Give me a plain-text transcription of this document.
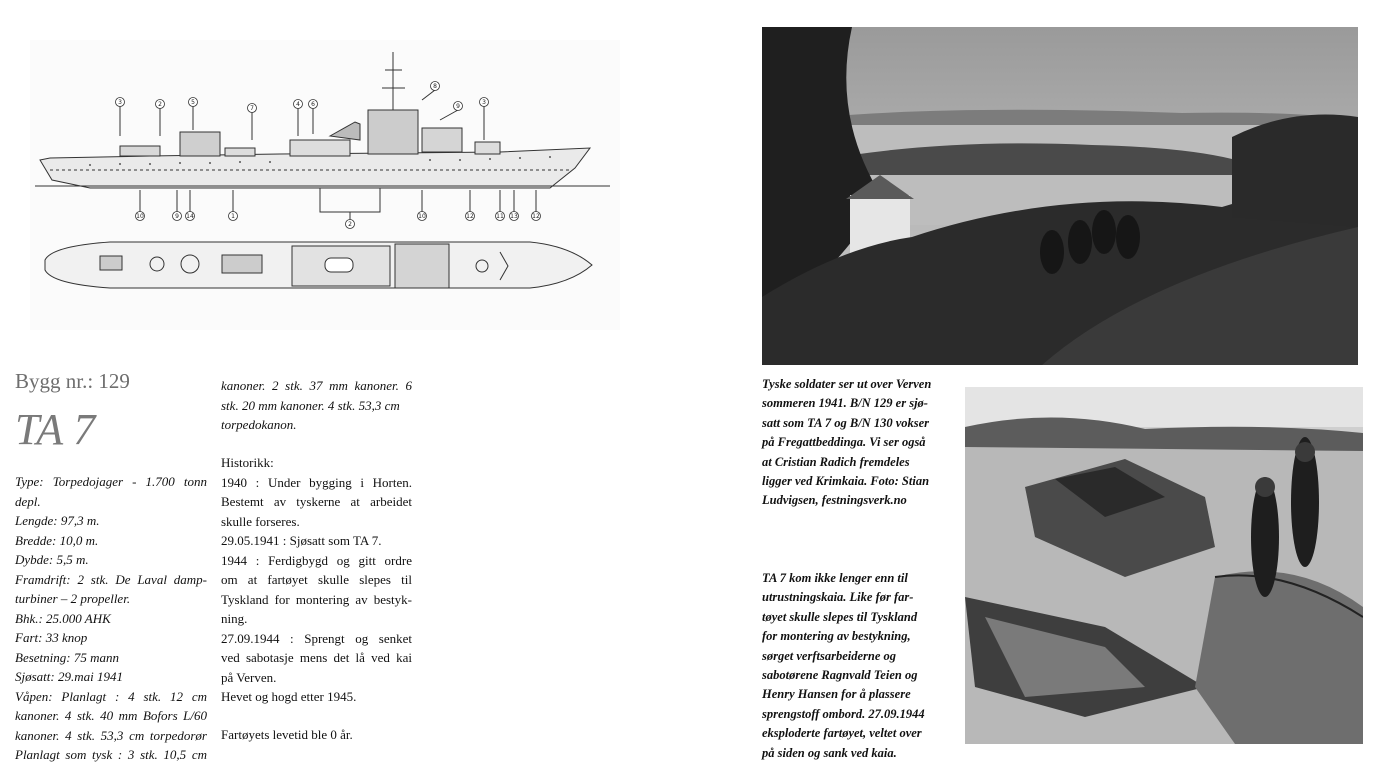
3	2	5
7
4 6
8
9
3
10	9 14	1
2
10	12	11 13 12
Bygg nr.: 129
TA 7
Type: Torpedojager - 1.700 tonn
depl.
Lengde: 97,3 m.
Bredde: 10,0 m.
Dybde: 5,5 m.
Framdrift: 2 stk. De Laval damp-
turbiner – 2 propeller.
Bhk.: 25.000 AHK
Fart: 33 knop
Besetning: 75 mann
Sjøsatt: 29.mai 1941
Våpen: Planlagt : 4 stk. 12 cm
kanoner. 4 stk. 40 mm Bofors L/60
kanoner. 4 stk. 53,3 cm torpedorør
Planlagt som tysk : 3 stk. 10,5 cm
kanoner. 2 stk. 37 mm kanoner. 6
stk. 20 mm kanoner. 4 stk. 53,3 cm
torpedokanon.
Historikk:
1940 : Under bygging i Horten.
Bestemt av tyskerne at arbeidet
skulle forseres.
29.05.1941 : Sjøsatt som TA 7.
1944 : Ferdigbygd og gitt ordre
om at fartøyet skulle slepes til
Tyskland for montering av bestyk-
ning.
27.09.1944 : Sprengt og senket
ved sabotasje mens det lå ved kai
på Verven.
Hevet og hogd etter 1945.
Fartøyets levetid ble 0 år.
Tyske soldater ser ut over Verven
sommeren 1941. B/N 129 er sjø-
satt som TA 7 og B/N 130 vokser
på Fregattbeddinga. Vi ser også
at Cristian Radich fremdeles
ligger ved Krimkaia. Foto: Stian
Ludvigsen, festningsverk.no
TA 7 kom ikke lenger enn til
utrustningskaia. Like før far-
tøyet skulle slepes til Tyskland
for montering av bestykning,
sørget verftsarbeiderne og
sabotørene Ragnvald Teien og
Henry Hansen for å plassere
sprengstoff ombord. 27.09.1944
eksploderte fartøyet, veltet over
på siden og sank ved kaia.
